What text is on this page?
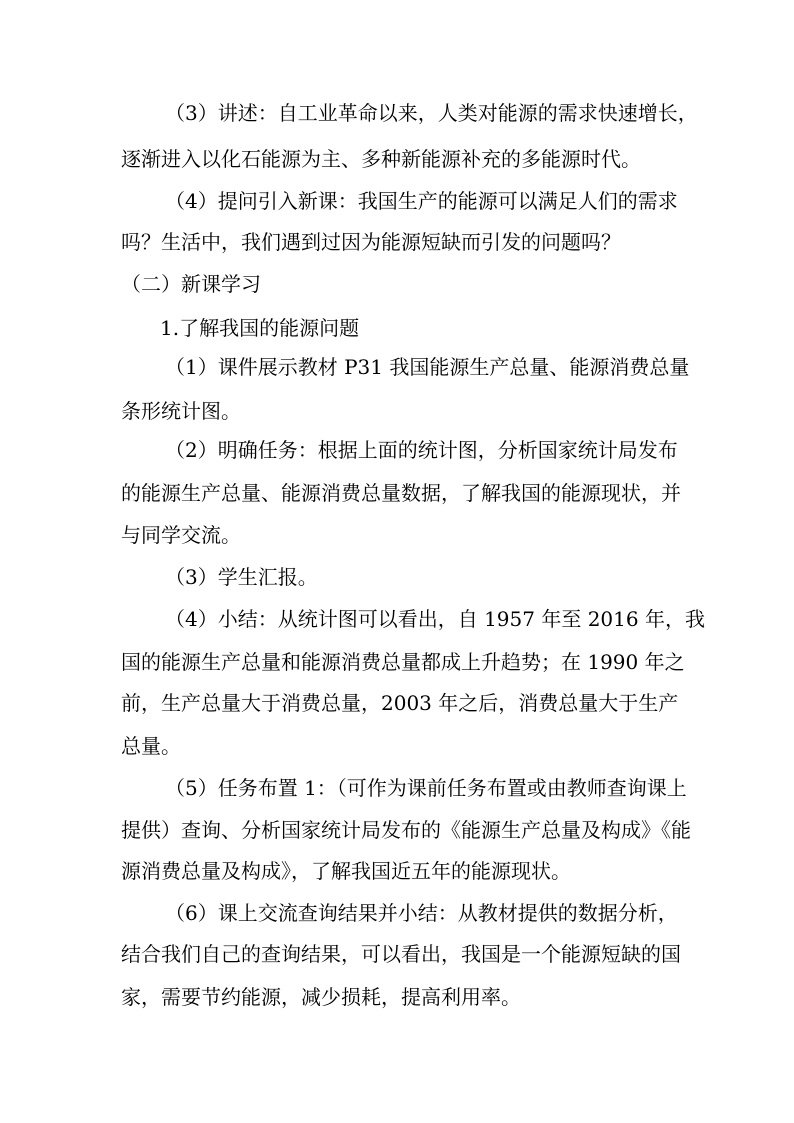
（3）讲述：自工业革命以来，人类对能源的需求快速增长，
逐渐进入以化石能源为主、多种新能源补充的多能源时代。
（4）提问引入新课：我国生产的能源可以满足人们的需求
吗？生活中，我们遇到过因为能源短缺而引发的问题吗？
（二）新课学习
1.了解我国的能源问题
（1）课件展示教材 P31 我国能源生产总量、能源消费总量
条形统计图。
（2）明确任务：根据上面的统计图，分析国家统计局发布
的能源生产总量、能源消费总量数据，了解我国的能源现状，并
与同学交流。
（3）学生汇报。
（4）小结：从统计图可以看出，自 1957 年至 2016 年，我
国的能源生产总量和能源消费总量都成上升趋势；在 1990 年之
前，生产总量大于消费总量，2003 年之后，消费总量大于生产
总量。
（5）任务布置 1：（可作为课前任务布置或由教师查询课上
提供）查询、分析国家统计局发布的《能源生产总量及构成》《能
源消费总量及构成》，了解我国近五年的能源现状。
（6）课上交流查询结果并小结：从教材提供的数据分析，
结合我们自己的查询结果，可以看出，我国是一个能源短缺的国
家，需要节约能源，减少损耗，提高利用率。
